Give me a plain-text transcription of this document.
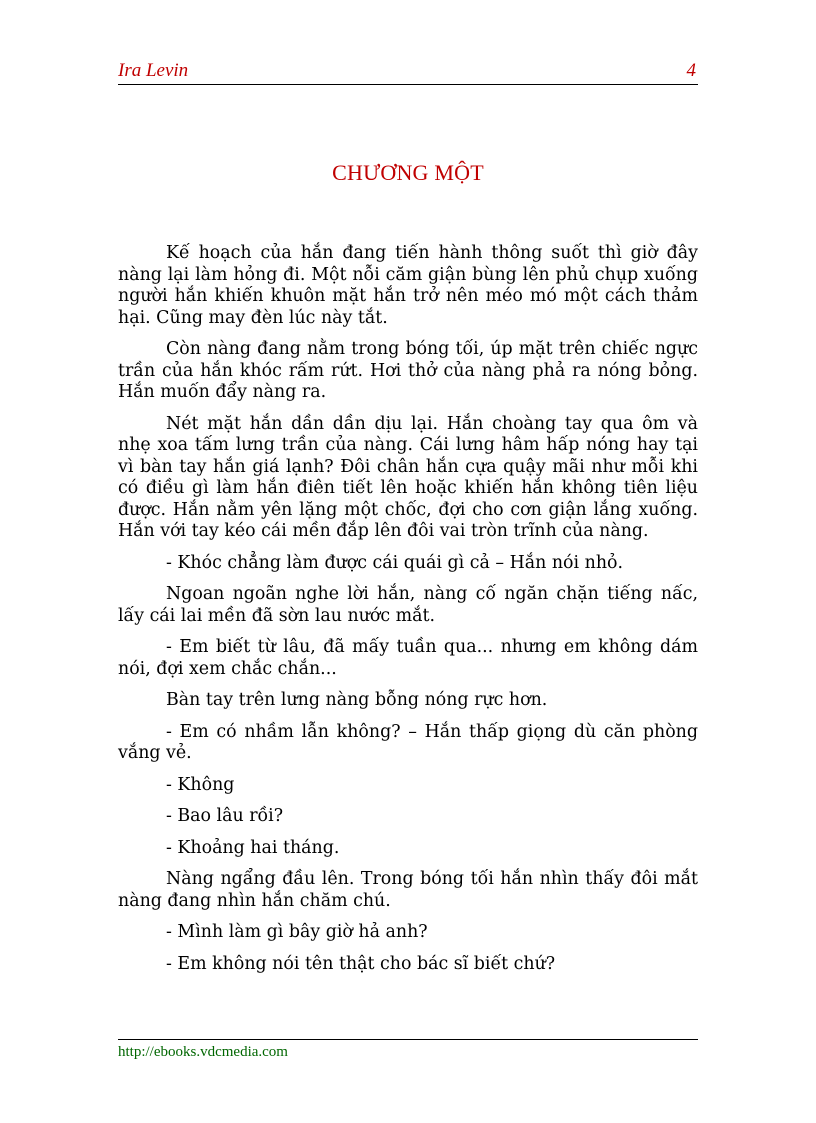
Ira Levin	4
CHƯƠNG MỘT

Kế hoạch của hắn đang tiến hành thông suốt thì giờ đây nàng lại làm hỏng đi. Một nỗi căm giận bùng lên phủ chụp xuống người hắn khiến khuôn mặt hắn trở nên méo mó một cách thảm hại. Cũng may đèn lúc này tắt.

Còn nàng đang nằm trong bóng tối, úp mặt trên chiếc ngực trần của hắn khóc rấm rứt. Hơi thở của nàng phả ra nóng bỏng. Hắn muốn đẩy nàng ra.

Nét mặt hắn dần dần dịu lại. Hắn choàng tay qua ôm và nhẹ xoa tấm lưng trần của nàng. Cái lưng hâm hấp nóng hay tại vì bàn tay hắn giá lạnh? Đôi chân hắn cựa quậy mãi như mỗi khi có điều gì làm hắn điên tiết lên hoặc khiến hắn không tiên liệu được. Hắn nằm yên lặng một chốc, đợi cho cơn giận lắng xuống. Hắn với tay kéo cái mền đắp lên đôi vai tròn trĩnh của nàng.

- Khóc chẳng làm được cái quái gì cả – Hắn nói nhỏ.

Ngoan ngoãn nghe lời hắn, nàng cố ngăn chặn tiếng nấc, lấy cái lai mền đã sờn lau nước mắt.

- Em biết từ lâu, đã mấy tuần qua... nhưng em không dám nói, đợi xem chắc chắn...

Bàn tay trên lưng nàng bỗng nóng rực hơn.

- Em có nhầm lẫn không? – Hắn thấp giọng dù căn phòng vắng vẻ.

- Không

- Bao lâu rồi?

- Khoảng hai tháng.

Nàng ngẩng đầu lên. Trong bóng tối hắn nhìn thấy đôi mắt nàng đang nhìn hắn chăm chú.

- Mình làm gì bây giờ hả anh?

- Em không nói tên thật cho bác sĩ biết chứ?

http://ebooks.vdcmedia.com
